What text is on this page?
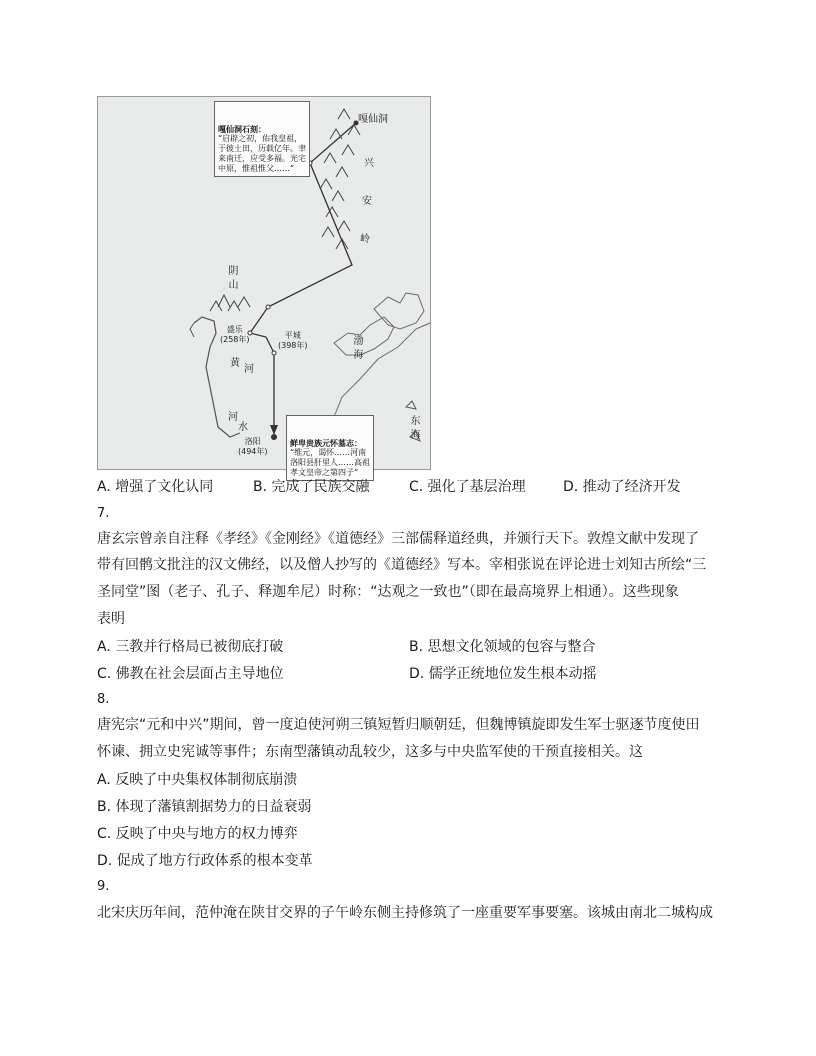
嘎仙洞
兴
安
岭
阴山
黄
河
河
水
渤海
东海
盛乐
(258年)	平城
(398年)
洛阳
(494年)

嘎仙洞石刻：
“启辟之初，佑我皇祖，
于彼土田，历载亿年。聿
来南迁，应受多福。光宅
中原，惟祖惟父……”

鲜卑贵族元怀墓志：
“维元，谒怀……河南
洛阳县肝里人……高祖
孝文皇帝之第四子”
A. 增强了文化认同	B. 完成了民族交融	C. 强化了基层治理	D. 推动了经济开发
7.
唐玄宗曾亲自注释《孝经》《金刚经》《道德经》三部儒释道经典，并颁行天下。敦煌文献中发现了
带有回鹘文批注的汉文佛经，以及僧人抄写的《道德经》写本。宰相张说在评论进士刘知古所绘“三
圣同堂”图（老子、孔子、释迦牟尼）时称：“达观之一致也”（即在最高境界上相通）。这些现象
表明
A. 三教并行格局已被彻底打破	B. 思想文化领域的包容与整合
C. 佛教在社会层面占主导地位	D. 儒学正统地位发生根本动摇
8.
唐宪宗“元和中兴”期间，曾一度迫使河朔三镇短暂归顺朝廷，但魏博镇旋即发生军士驱逐节度使田
怀谏、拥立史宪诚等事件；东南型藩镇动乱较少，这多与中央监军使的干预直接相关。这
A. 反映了中央集权体制彻底崩溃
B. 体现了藩镇割据势力的日益衰弱
C. 反映了中央与地方的权力博弈
D. 促成了地方行政体系的根本变革
9.
北宋庆历年间，范仲淹在陕甘交界的子午岭东侧主持修筑了一座重要军事要塞。该城由南北二城构成
